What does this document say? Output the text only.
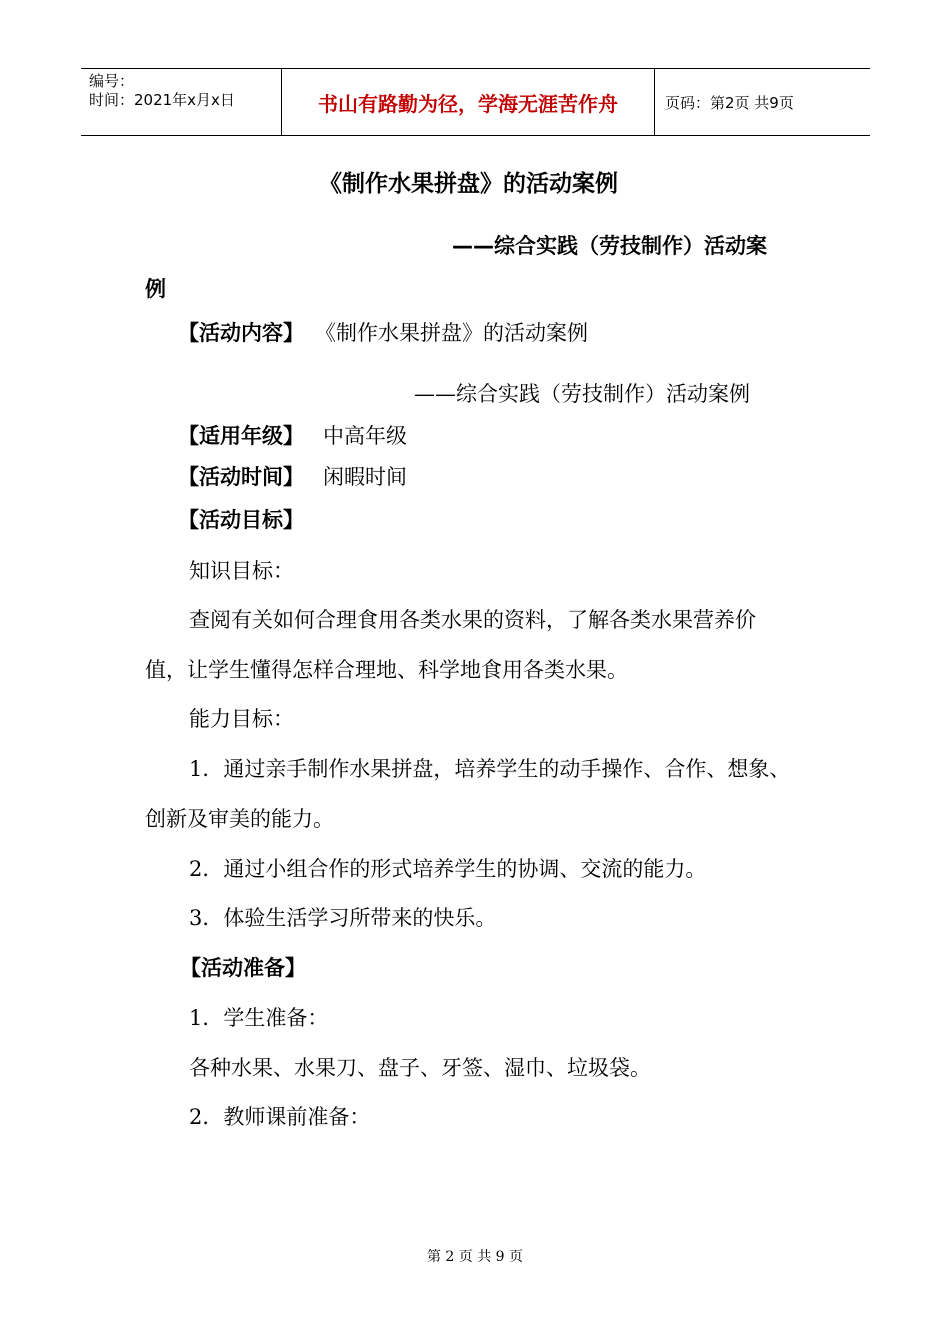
编号：
时间：2021年x月x日	书山有路勤为径，学海无涯苦作舟	页码：第2页 共9页
《制作水果拼盘》的活动案例
——综合实践（劳技制作）活动案
例
【活动内容】 《制作水果拼盘》的活动案例
——综合实践（劳技制作）活动案例
【适用年级】 中高年级
【活动时间】 闲暇时间
【活动目标】
知识目标：
查阅有关如何合理食用各类水果的资料，了解各类水果营养价
值，让学生懂得怎样合理地、科学地食用各类水果。
能力目标：
1．通过亲手制作水果拼盘，培养学生的动手操作、合作、想象、
创新及审美的能力。
2．通过小组合作的形式培养学生的协调、交流的能力。
3．体验生活学习所带来的快乐。
【活动准备】
1．学生准备：
各种水果、水果刀、盘子、牙签、湿巾、垃圾袋。
2．教师课前准备：
第 2 页 共 9 页
